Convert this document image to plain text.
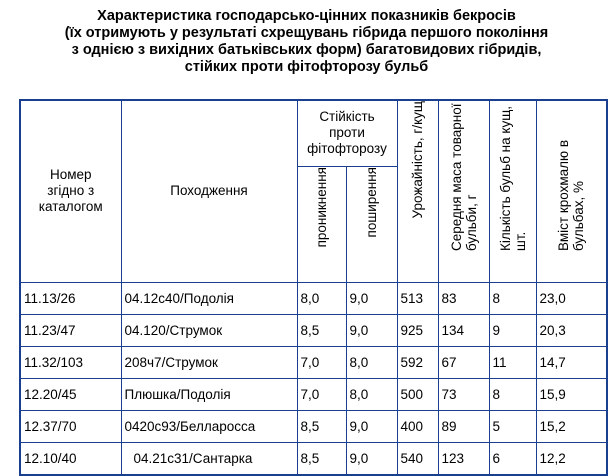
Характеристика господарсько-цінних показників бекросів
(їх отримують у результаті схрещувань гібрида першого покоління
з однією з вихідних батьківських форм) багатовидових гібридів,
стійких проти фітофторозу бульб
Номер згідно з каталогом	Походження	Стійкість проти фітофторозу		Урожайність, г/кущ	Середня маса товарної бульби, г	Кількість бульб на кущ, шт.	Вміст крохмалю в бульбах, %

		проникнення	поширення				

11.13/26	04.12c40/Подолія	8,0	9,0	513	83	8	23,0
11.23/47	04.120/Струмок	8,5	9,0	925	134	9	20,3
11.32/103	208ч7/Струмок	7,0	8,0	592	67	11	14,7
12.20/45	Плюшка/Подолія	7,0	8,0	500	73	8	15,9
12.37/70	0420c93/Белларосса	8,5	9,0	400	89	5	15,2
12.10/40	04.21c31/Сантарка	8,5	9,0	540	123	6	12,2
